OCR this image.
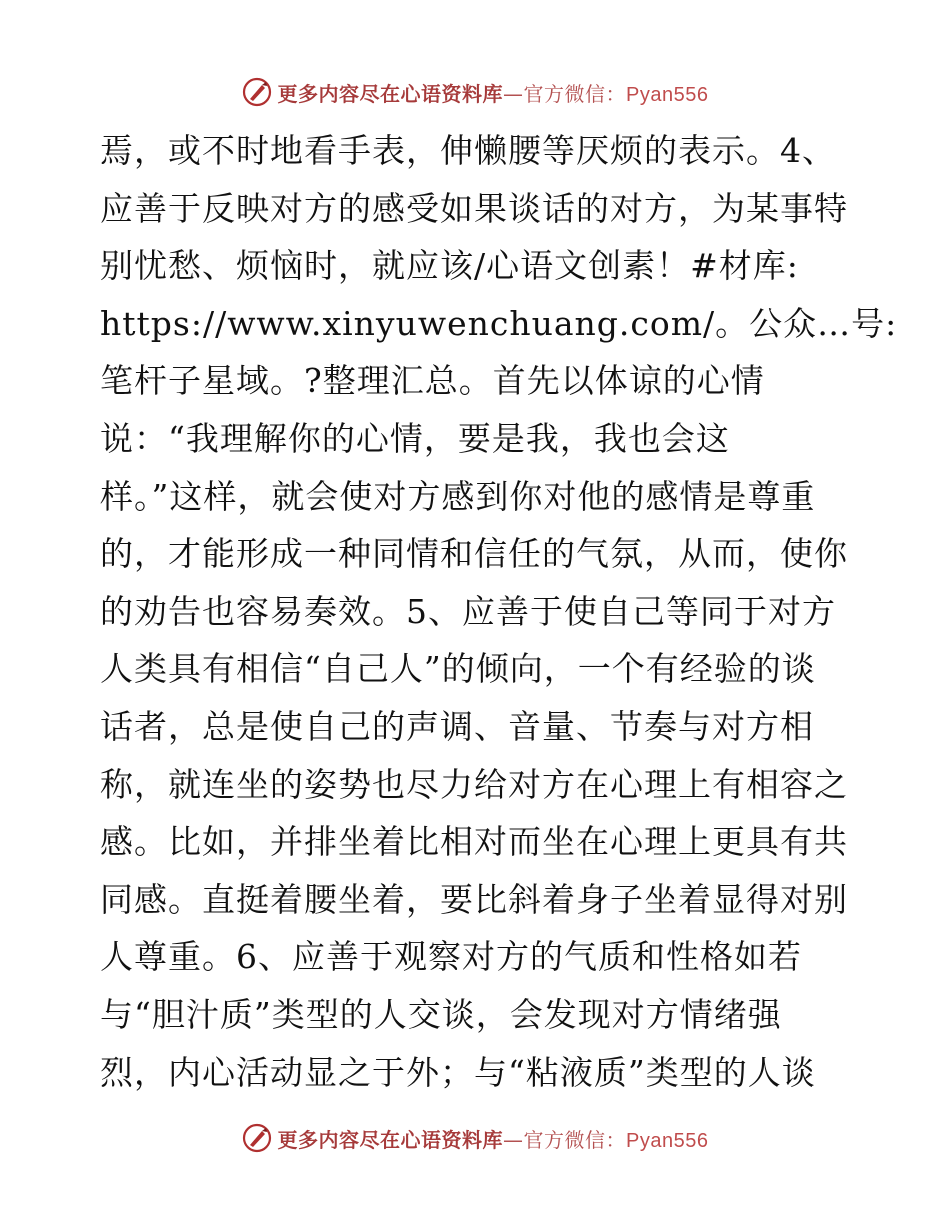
更多内容尽在心语资料库—官方微信：Pyan556
焉，或不时地看手表，伸懒腰等厌烦的表示。4、
应善于反映对方的感受如果谈话的对方，为某事特
别忧愁、烦恼时，就应该/心语文创素！#材库:
https://www.xinyuwenchuang.com/。公众…号:
笔杆子星域。?整理汇总。首先以体谅的心情
说：“我理解你的心情，要是我，我也会这
样。”这样，就会使对方感到你对他的感情是尊重
的，才能形成一种同情和信任的气氛，从而，使你
的劝告也容易奏效。5、应善于使自己等同于对方
人类具有相信“自己人”的倾向，一个有经验的谈
话者，总是使自己的声调、音量、节奏与对方相
称，就连坐的姿势也尽力给对方在心理上有相容之
感。比如，并排坐着比相对而坐在心理上更具有共
同感。直挺着腰坐着，要比斜着身子坐着显得对别
人尊重。6、应善于观察对方的气质和性格如若
与“胆汁质”类型的人交谈，会发现对方情绪强
烈，内心活动显之于外；与“粘液质”类型的人谈
更多内容尽在心语资料库—官方微信：Pyan556
